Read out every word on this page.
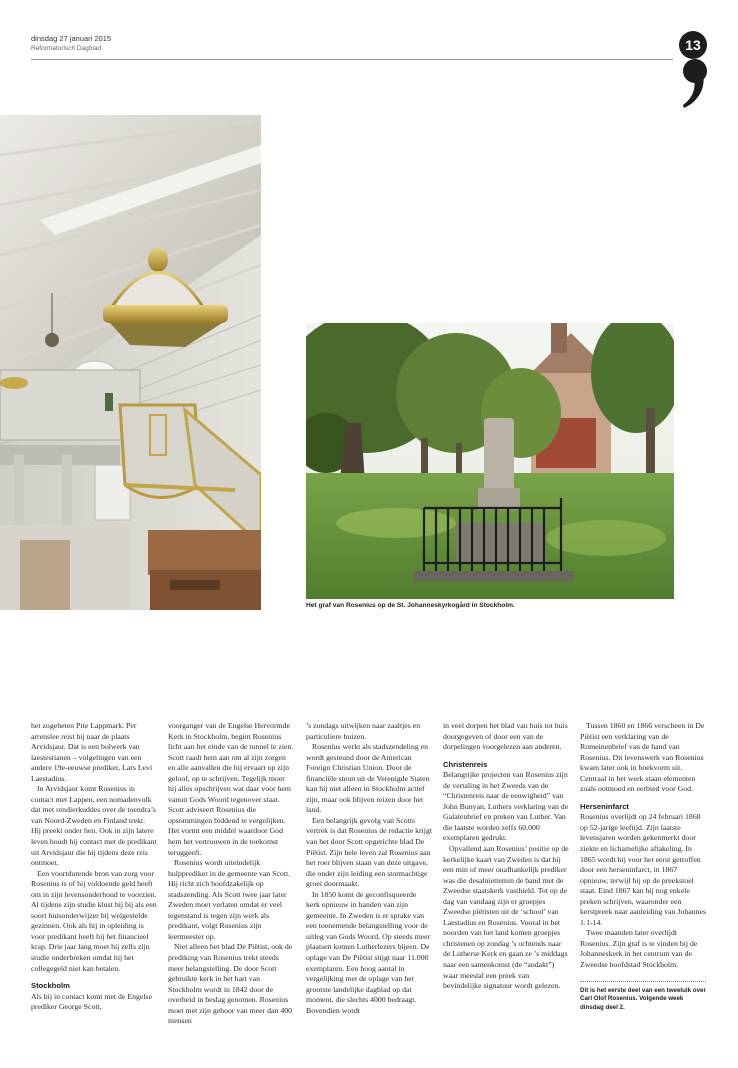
dinsdag 27 januari 2015
Reformatorisch Dagblad	13
Het graf van Rosenius op de St. Johanneskyrkogård in Stockholm.

het zogeheten Pite Lappmark. Per arrenslee reist hij naar de plaats Arvidsjaur. Dat is een bolwerk van laestestianen – volgelingen van een andere 19e-eeuwse prediker, Lars Levi Laestadius.

In Arvidsjaur komt Rosenius in contact met Lappen, een nomadenvolk dat met rendierkuddes over de toendra’s van Noord-Zweden en Finland trekt. Hij preekt onder hen. Ook in zijn latere leven houdt hij contact met de predikant uit Arvidsjaur die hij tijdens deze reis ontmoet.

Een voortdurende bron van zorg voor Rosenius is of hij voldoende geld heeft om in zijn levensonderhoud te voorzien. Al tijdens zijn studie klust hij bij als een soort huisonderwijzer bij welgestelde gezinnen. Ook als hij in opleiding is voor predikant heeft hij het financieel krap. Drie jaar lang moet hij zelfs zijn studie onderbreken omdat hij het collegegeld niet kan betalen.

Stockholm

Als hij in contact komt met de Engelse prediker George Scott,

voorganger van de Engelse Hervormde Kerk in Stockholm, begint Rosenius licht aan het einde van de tunnel te zien. Scott raadt hem aan om al zijn zorgen en alle aanvallen die hij ervaart op zijn geloof, op te schrijven. Tegelijk moet hij alles opschrijven wat daar voor hem vanuit Gods Woord tegenover staat. Scott adviseert Rosenius die opsommingen biddend te vergelijken. Het vormt een middel waardoor God hem het vertrouwen in de toekomst teruggeeft.

Rosenius wordt uiteindelijk hulpprediker in de gemeente van Scott. Hij richt zich hoofdzakelijk op stadszending. Als Scott twee jaar later Zweden moet verlaten omdat er veel tegenstand is tegen zijn werk als predikant, volgt Rosenius zijn leermeester op.

Niet alleen het blad De Piëtist, ook de prediking van Rosenius trekt steeds meer belangstelling. De door Scott gebruikte kerk in het hart van Stockholm wordt in 1842 door de overheid in beslag genomen. Rosenius moet met zijn gehoor van meer dan 400 mensen

’s zondags uitwijken naar zaaltjes en particuliere huizen.

Rosenius werkt als stadszendeling en wordt gesteund door de American Foreign Christian Union. Door de financiële steun uit de Verenigde Staten kan hij niet alleen in Stockholm actief zijn, maar ook blijven reizen door het land.

Een belangrijk gevolg van Scotts vertrek is dat Rosenius de redactie krijgt van het door Scott opgerichte blad De Piëtist. Zijn hele leven zal Rosenius aan het roer blijven staan van deze uitgave, die onder zijn leiding een stormachtige groei doormaakt.

In 1850 komt de geconfisqueerde kerk opnieuw in handen van zijn gemeente. In Zweden is er sprake van een toenemende belangstelling voor de uitleg van Gods Woord. Op steeds meer plaatsen komen Lutherlezers bijeen. De oplage van De Piëtist stijgt naar 11.000 exemplaren. Een hoog aantal in vergelijking met de oplage van het grootste landelijke dagblad op dat moment, die slechts 4000 bedraagt. Bovendien wordt

in veel dorpen het blad van huis tot huis doorgegeven of door een van de dorpelingen voorgelezen aan anderen.

Christenreis

Belangrijke projecten van Rosenius zijn de vertaling in het Zweeds van de “Christenreis naar de eeuwigheid” van John Bunyan, Luthers verklaring van de Galatenbrief en preken van Luther. Van die laatste worden zelfs 60.000 exemplaren gedrukt.

Opvallend aan Rosenius’ positie op de kerkelijke kaart van Zweden is dat hij een min of meer onafhankelijk prediker was die desalniettemin de band met de Zweedse staatskerk vasthield. Tot op de dag van vandaag zijn er groepjes Zweedse piëtisten uit de ‘school’ van Laestadius en Rosenius. Vooral in het noorden van het land komen groepjes christenen op zondag ’s ochtends naar de Lutherse Kerk en gaan ze ’s middags naar een samenkomst (de “andakt”) waar meestal een preek van bevindelijke signatuur wordt gelezen.

Tussen 1860 en 1866 verscheen in De Piëtist een verklaring van de Romeinenbrief van de hand van Rosenius. Dit levenswerk van Rosenius kwam later ook in boekvorm uit. Centraal in het werk staan elementen zoals ootmoed en eerbied voor God.

Herseninfarct

Rosenius overlijdt op 24 februari 1868 op 52-jarige leeftijd. Zijn laatste levensjaren worden gekenmerkt door ziekte en lichamelijke aftakeling. In 1865 wordt hij voor het eerst getroffen door een herseninfarct, in 1867 opnieuw, terwijl hij op de preekstoel staat. Eind 1867 kan hij nog enkele preken schrijven, waaronder een kerstpreek naar aanleiding van Johannes 1:1-14.

Twee maanden later overlijdt Rosenius. Zijn graf is te vinden bij de Johanneskerk in het centrum van de Zweedse hoofdstad Stockholm.

Dit is het eerste deel van een tweeluik over Carl Olof Rosenius. Volgende week dinsdag deel 2.
